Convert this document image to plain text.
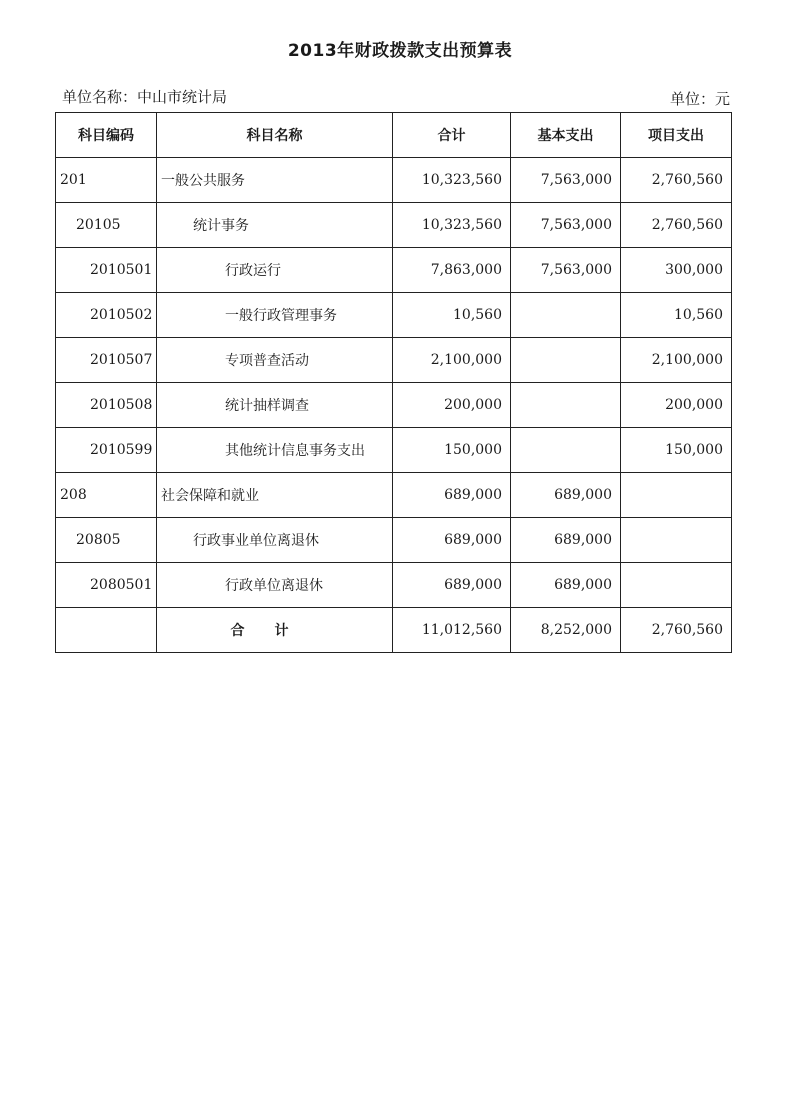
2013年财政拨款支出预算表
单位名称：中山市统计局	单位：元
科目编码	科目名称	合计	基本支出	项目支出
201	一般公共服务	10,323,560	7,563,000	2,760,560
20105	统计事务	10,323,560	7,563,000	2,760,560
2010501	行政运行	7,863,000	7,563,000	300,000
2010502	一般行政管理事务	10,560		10,560
2010507	专项普查活动	2,100,000		2,100,000
2010508	统计抽样调查	200,000		200,000
2010599	其他统计信息事务支出	150,000		150,000
208	社会保障和就业	689,000	689,000	
20805	行政事业单位离退休	689,000	689,000	
2080501	行政单位离退休	689,000	689,000	
	合计	11,012,560	8,252,000	2,760,560
